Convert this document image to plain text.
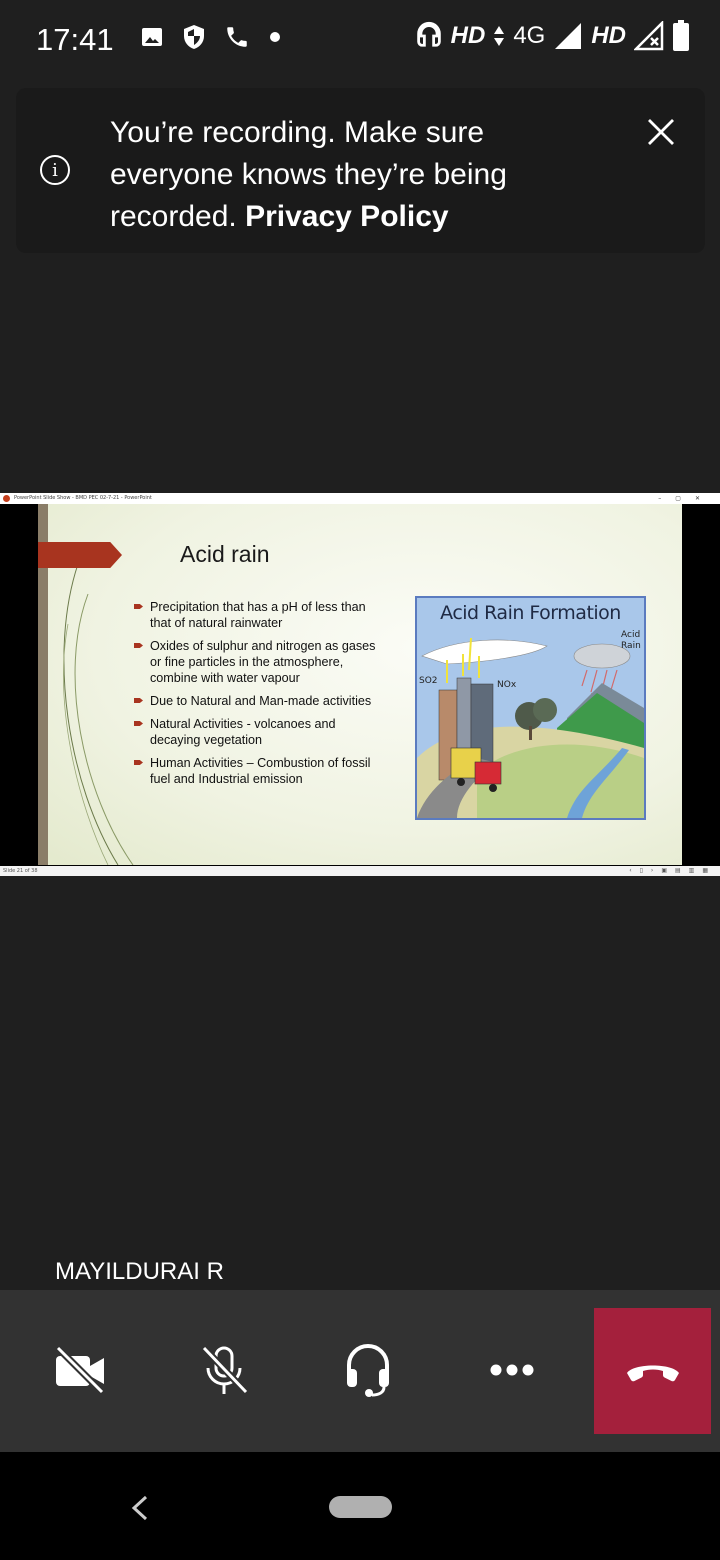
17:41	HD 4G HD
i
You’re recording. Make sure everyone knows they’re being recorded. Privacy Policy
PowerPoint Slide Show - BMD PEC 02-7-21 - PowerPoint	–▢✕
Acid rain
Precipitation that has a pH of less than that of natural rainwater
Oxides of sulphur and nitrogen as gases or fine particles in the atmosphere, combine with water vapour
Due to Natural and Man-made activities
Natural Activities - volcanoes and decaying vegetation
Human Activities – Combustion of fossil fuel and Industrial emission
Acid Rain Formation
SO2	NOx
Acid
Rain
Slide 21 of 38	‹▯›▣▤▥▦
MAYILDURAI R
